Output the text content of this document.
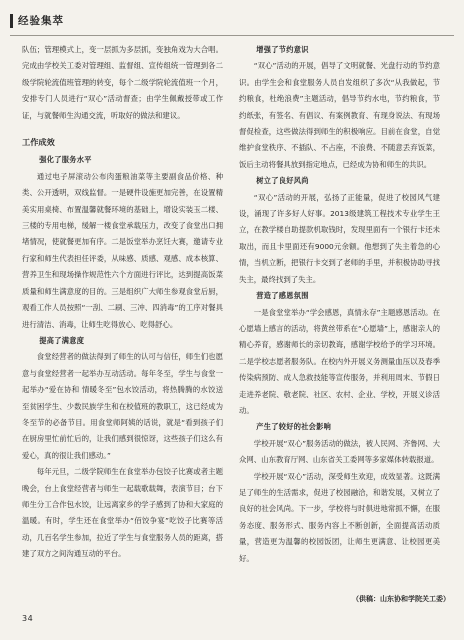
经验集萃

队伍；管理模式上，变一层抓为多层抓，变独角戏为大合唱。完成由学校关工委对管理组、监督组、宣传组统一管理到各二级学院轮流值班管理的转变，每个二级学院轮流值班一个月，安排专门人员进行“双心”活动督查；由学生佩戴授带或工作证，与就餐师生沟通交流，听取好的做法和建议。

工作成效

强化了服务水平

通过电子屏滚动公布肉蛋粮油菜等主要副食品价格、种类、公开透明，双线监督。一是硬件设施更加完善，在设置精美实用桌椅、布置温馨就餐环境的基础上，增设实装玉二楼、三楼的专用电梯，缓解一楼食堂承载压力，改变了食堂出口拥堵情况，使就餐更加有序。二是饭堂举办烹饪大赛，邀请专业行家和师生代表担任评委，从味感、质感、观感、成本核算、营养卫生和现场操作规范性六个方面进行评比，达到提高饭菜质量和师生满意度的目的。三是组织广大师生参观食堂后厨，观看工作人员按照“一刮、二刷、三冲、四消毒”的工序对餐具进行清洁、消毒，让师生吃得放心、吃得舒心。

提高了满意度

食堂经营者的做法得到了师生的认可与信任，师生们也愿意与食堂经营者一起举办互动活动。每年冬至，学生与食堂一起举办“爱在协和 情暖冬至”包水饺活动，将热腾腾的水饺送至贫困学生、少数民族学生和在校值班的教职工，这已经成为冬至节的必备节目。用食堂师阿姨的话说，就是“看到孩子们在厨房里忙前忙后的，让我们感到很惊讶，这些孩子们这么有爱心，真的很让我们感动。”

每年元旦，二级学院师生在食堂举办包饺子比赛或者主题晚会，台上食堂经营者与师生一起载歌载舞，表演节目；台下师生分工合作包水饺，让远离家乡的学子感到了协和大家庭的温暖。有时，学生还在食堂举办“佰饺争宴”吃饺子比赛等活动，几百名学生参加，拉近了学生与食堂服务人员的距离，搭建了双方之间沟通互动的平台。

增强了节约意识

“双心”活动的开展，倡导了文明就餐、光盘行动的节约意识。由学生会和食堂服务人员自发组织了多次“从我做起，节约粮食，杜绝浪费”主题活动，倡导节约水电，节约粮食，节约纸张，有签名、有倡议、有案例教育、有现身说法、有现场督促检查，这些做法得到师生的积极响应。目前在食堂，自觉维护食堂秩序、不插队、不占座，不浪费、不随意丢弃饭菜，饭后主动将餐具放到指定地点，已经成为协和师生的共识。

树立了良好风尚

“双心”活动的开展，弘扬了正能量，促进了校园风气建设，涌现了许多好人好事。2013级建筑工程技术专业学生王立，在教学楼自助提款机取钱时，发现里面有一个银行卡还未取出，而且卡里面还有9000元余额。他想到了失主着急的心情，当机立断，把银行卡交到了老师的手里，并积极协助寻找失主，最终找到了失主。

营造了感恩氛围

一是食堂堂举办“学会感恩，真情永存”主题感恩活动。在心愿墙上感言的活动，将黄丝带系在“心愿墙”上，感谢亲人的精心养育，感谢师长的亲切教诲，感谢学校给予的学习环境。二是学校志愿者服务队。在校内外开展义务测量血压以及春季传染病预防、成人急救技能等宣传服务，并利用周末、节假日走进养老院、敬老院、社区、农村、企业、学校，开展义诊活动。

产生了较好的社会影响

学校开展“双心”服务活动的做法，被人民网、齐鲁网、大众网、山东教育厅网、山东省关工委网等多家媒体转载报道。

学校开展“双心”活动，深受师生欢迎，成效显著。这既满足了师生的生活需求，促进了校园融洽，和谐发展，又树立了良好的社会风尚。下一步，学校将与时俱进地常抓不懈，在服务态度、服务形式、服务内容上不断创新，全面提高活动质量，营造更为温馨的校园饭团，让师生更满意、让校园更美好。

（供稿：山东协和学院关工委）
34
